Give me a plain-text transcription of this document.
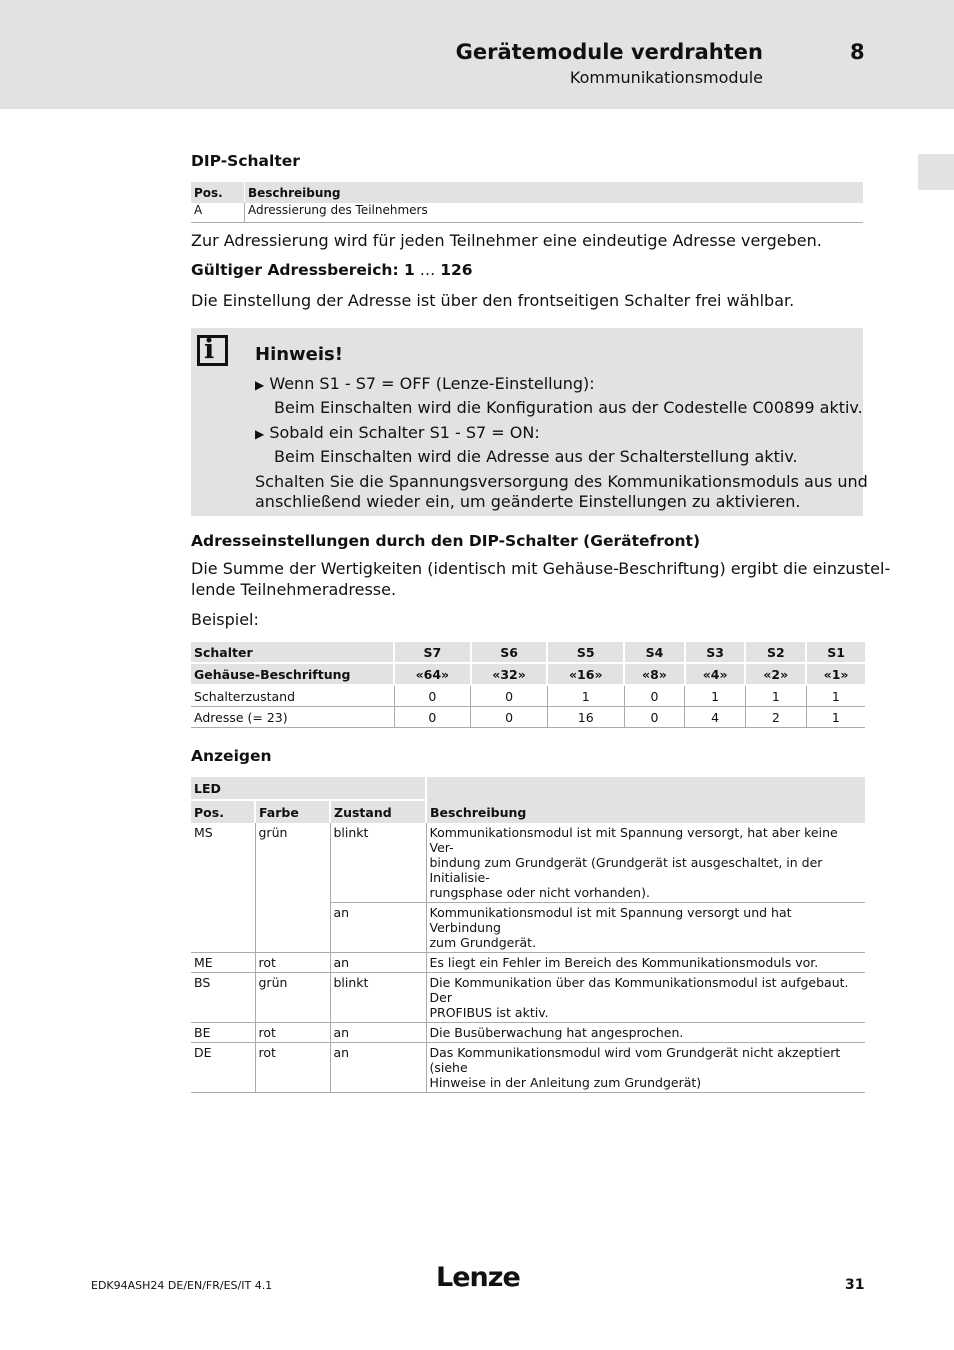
Gerätemodule verdrahten	8
Kommunikationsmodule
DIP-Schalter
Pos.	Beschreibung
A	Adressierung des Teilnehmers
Zur Adressierung wird für jeden Teilnehmer eine eindeutige Adresse vergeben.
Gültiger Adressbereich: 1 … 126
Die Einstellung der Adresse ist über den frontseitigen Schalter frei wählbar.
i Hinweis!
▶ Wenn S1 - S7 = OFF (Lenze-Einstellung):
Beim Einschalten wird die Konfiguration aus der Codestelle C00899 aktiv.
▶ Sobald ein Schalter S1 - S7 = ON:
Beim Einschalten wird die Adresse aus der Schalterstellung aktiv.
Schalten Sie die Spannungsversorgung des Kommunikationsmoduls aus und
anschließend wieder ein, um geänderte Einstellungen zu aktivieren.
Adresseinstellungen durch den DIP-Schalter (Gerätefront)
Die Summe der Wertigkeiten (identisch mit Gehäuse-Beschriftung) ergibt die einzustel-
lende Teilnehmeradresse.
Beispiel:
Schalter	S7	S6	S5	S4	S3	S2	S1
Gehäuse-Beschriftung	«64»	«32»	«16»	«8»	«4»	«2»	«1»
Schalterzustand	0	0	1	0	1	1	1
Adresse (= 23)	0	0	16	0	4	2	1
Anzeigen
LED			Beschreibung
Pos.	Farbe	Zustand	
MS	grün	blinkt	Kommunikationsmodul ist mit Spannung versorgt, hat aber keine Ver-
bindung zum Grundgerät (Grundgerät ist ausgeschaltet, in der Initialisie-
rungsphase oder nicht vorhanden).
		an	Kommunikationsmodul ist mit Spannung versorgt und hat Verbindung
zum Grundgerät.
ME	rot	an	Es liegt ein Fehler im Bereich des Kommunikationsmoduls vor.
BS	grün	blinkt	Die Kommunikation über das Kommunikationsmodul ist aufgebaut. Der
PROFIBUS ist aktiv.
BE	rot	an	Die Busüberwachung hat angesprochen.
DE	rot	an	Das Kommunikationsmodul wird vom Grundgerät nicht akzeptiert (siehe
Hinweise in der Anleitung zum Grundgerät)
EDK94ASH24 DE/EN/FR/ES/IT 4.1	Lenze	31
